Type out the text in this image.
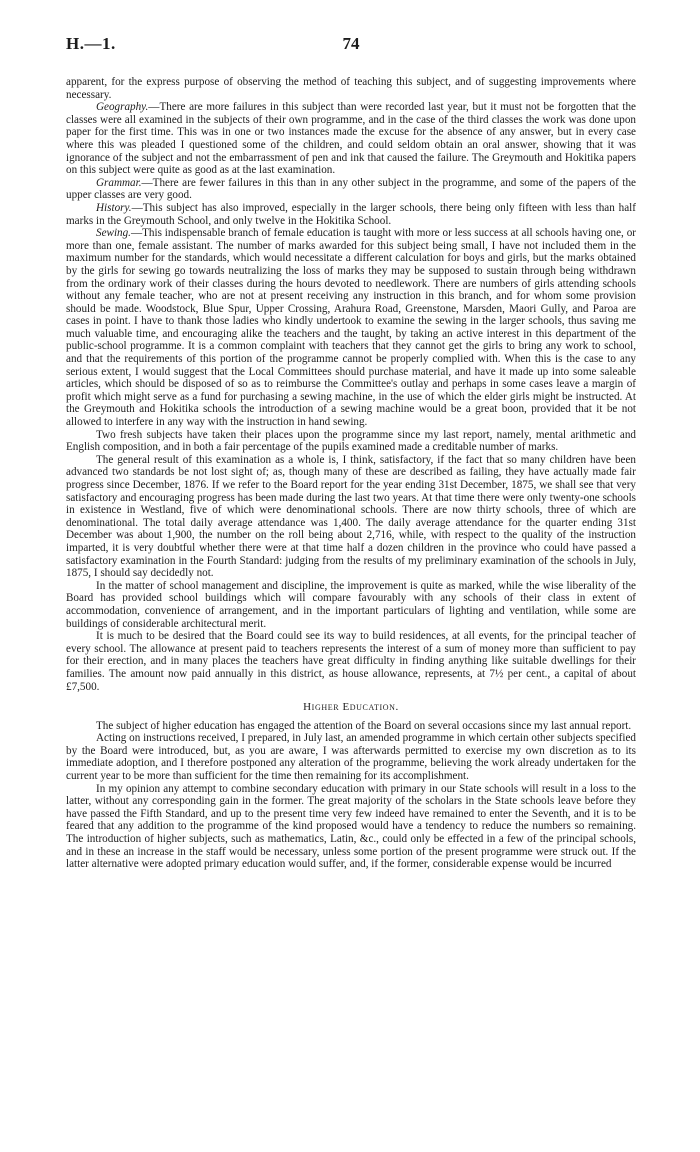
H.—1.	74

apparent, for the express purpose of observing the method of teaching this subject, and of suggesting improvements where necessary.

Geography.—There are more failures in this subject than were recorded last year, but it must not be forgotten that the classes were all examined in the subjects of their own programme, and in the case of the third classes the work was done upon paper for the first time. This was in one or two instances made the excuse for the absence of any answer, but in every case where this was pleaded I questioned some of the children, and could seldom obtain an oral answer, showing that it was ignorance of the subject and not the embarrassment of pen and ink that caused the failure. The Greymouth and Hokitika papers on this subject were quite as good as at the last examination.

Grammar.—There are fewer failures in this than in any other subject in the programme, and some of the papers of the upper classes are very good.

History.—This subject has also improved, especially in the larger schools, there being only fifteen with less than half marks in the Greymouth School, and only twelve in the Hokitika School.

Sewing.—This indispensable branch of female education is taught with more or less success at all schools having one, or more than one, female assistant. The number of marks awarded for this subject being small, I have not included them in the maximum number for the standards, which would necessitate a different calculation for boys and girls, but the marks obtained by the girls for sewing go towards neutralizing the loss of marks they may be supposed to sustain through being withdrawn from the ordinary work of their classes during the hours devoted to needlework. There are numbers of girls attending schools without any female teacher, who are not at present receiving any instruction in this branch, and for whom some provision should be made. Woodstock, Blue Spur, Upper Crossing, Arahura Road, Greenstone, Marsden, Maori Gully, and Paroa are cases in point. I have to thank those ladies who kindly undertook to examine the sewing in the larger schools, thus saving me much valuable time, and encouraging alike the teachers and the taught, by taking an active interest in this department of the public-school programme. It is a common complaint with teachers that they cannot get the girls to bring any work to school, and that the requirements of this portion of the programme cannot be properly complied with. When this is the case to any serious extent, I would suggest that the Local Committees should purchase material, and have it made up into some saleable articles, which should be disposed of so as to reimburse the Committee's outlay and perhaps in some cases leave a margin of profit which might serve as a fund for purchasing a sewing machine, in the use of which the elder girls might be instructed. At the Greymouth and Hokitika schools the introduction of a sewing machine would be a great boon, provided that it be not allowed to interfere in any way with the instruction in hand sewing.

Two fresh subjects have taken their places upon the programme since my last report, namely, mental arithmetic and English composition, and in both a fair percentage of the pupils examined made a creditable number of marks.

The general result of this examination as a whole is, I think, satisfactory, if the fact that so many children have been advanced two standards be not lost sight of; as, though many of these are described as failing, they have actually made fair progress since December, 1876. If we refer to the Board report for the year ending 31st December, 1875, we shall see that very satisfactory and encouraging progress has been made during the last two years. At that time there were only twenty-one schools in existence in Westland, five of which were denominational schools. There are now thirty schools, three of which are denominational. The total daily average attendance was 1,400. The daily average attendance for the quarter ending 31st December was about 1,900, the number on the roll being about 2,716, while, with respect to the quality of the instruction imparted, it is very doubtful whether there were at that time half a dozen children in the province who could have passed a satisfactory examination in the Fourth Standard: judging from the results of my preliminary examination of the schools in July, 1875, I should say decidedly not.

In the matter of school management and discipline, the improvement is quite as marked, while the wise liberality of the Board has provided school buildings which will compare favourably with any schools of their class in extent of accommodation, convenience of arrangement, and in the important particulars of lighting and ventilation, while some are buildings of considerable architectural merit.

It is much to be desired that the Board could see its way to build residences, at all events, for the principal teacher of every school. The allowance at present paid to teachers represents the interest of a sum of money more than sufficient to pay for their erection, and in many places the teachers have great difficulty in finding anything like suitable dwellings for their families. The amount now paid annually in this district, as house allowance, represents, at 7½ per cent., a capital of about £7,500.

Higher Education.

The subject of higher education has engaged the attention of the Board on several occasions since my last annual report.

Acting on instructions received, I prepared, in July last, an amended programme in which certain other subjects specified by the Board were introduced, but, as you are aware, I was afterwards permitted to exercise my own discretion as to its immediate adoption, and I therefore postponed any alteration of the programme, believing the work already undertaken for the current year to be more than sufficient for the time then remaining for its accomplishment.

In my opinion any attempt to combine secondary education with primary in our State schools will result in a loss to the latter, without any corresponding gain in the former. The great majority of the scholars in the State schools leave before they have passed the Fifth Standard, and up to the present time very few indeed have remained to enter the Seventh, and it is to be feared that any addition to the programme of the kind proposed would have a tendency to reduce the numbers so remaining. The introduction of higher subjects, such as mathematics, Latin, &c., could only be effected in a few of the principal schools, and in these an increase in the staff would be necessary, unless some portion of the present programme were struck out. If the latter alternative were adopted primary education would suffer, and, if the former, considerable expense would be incurred
